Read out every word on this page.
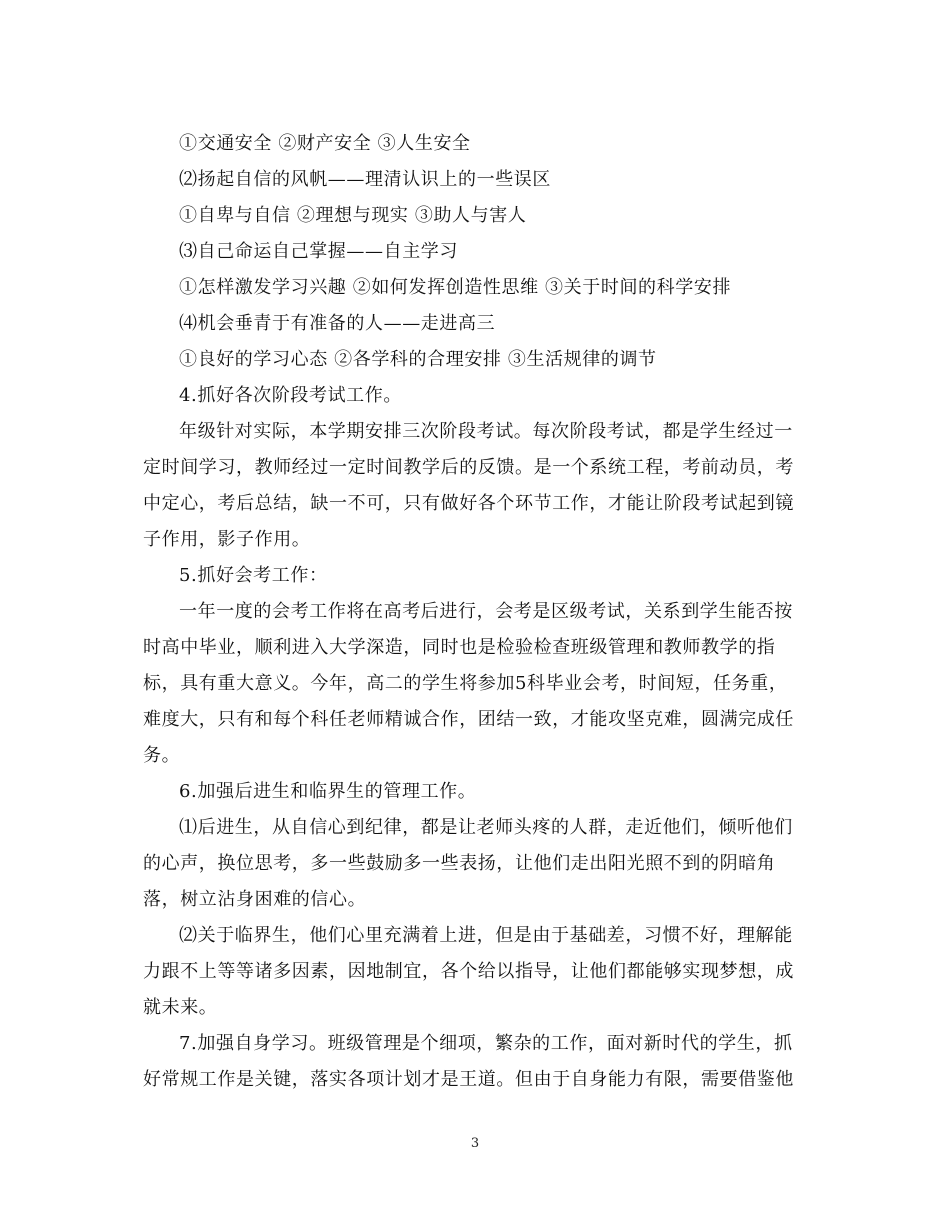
①交通安全 ②财产安全 ③人生安全
⑵扬起自信的风帆——理清认识上的一些误区
①自卑与自信 ②理想与现实 ③助人与害人
⑶自己命运自己掌握——自主学习
①怎样激发学习兴趣 ②如何发挥创造性思维 ③关于时间的科学安排
⑷机会垂青于有准备的人——走进高三
①良好的学习心态 ②各学科的合理安排 ③生活规律的调节
4.抓好各次阶段考试工作。

年级针对实际，本学期安排三次阶段考试。每次阶段考试，都是学生经过一定时间学习，教师经过一定时间教学后的反馈。是一个系统工程，考前动员，考中定心，考后总结，缺一不可，只有做好各个环节工作，才能让阶段考试起到镜子作用，影子作用。

5.抓好会考工作：

一年一度的会考工作将在高考后进行，会考是区级考试，关系到学生能否按时高中毕业，顺利进入大学深造，同时也是检验检查班级管理和教师教学的指标，具有重大意义。今年，高二的学生将参加5科毕业会考，时间短，任务重，难度大，只有和每个科任老师精诚合作，团结一致，才能攻坚克难，圆满完成任务。

6.加强后进生和临界生的管理工作。

⑴后进生，从自信心到纪律，都是让老师头疼的人群，走近他们，倾听他们的心声，换位思考，多一些鼓励多一些表扬，让他们走出阳光照不到的阴暗角落，树立沾身困难的信心。

⑵关于临界生，他们心里充满着上进，但是由于基础差，习惯不好，理解能力跟不上等等诸多因素，因地制宜，各个给以指导，让他们都能够实现梦想，成就未来。

7.加强自身学习。班级管理是个细项，繁杂的工作，面对新时代的学生，抓好常规工作是关键，落实各项计划才是王道。但由于自身能力有限，需要借鉴他

3
